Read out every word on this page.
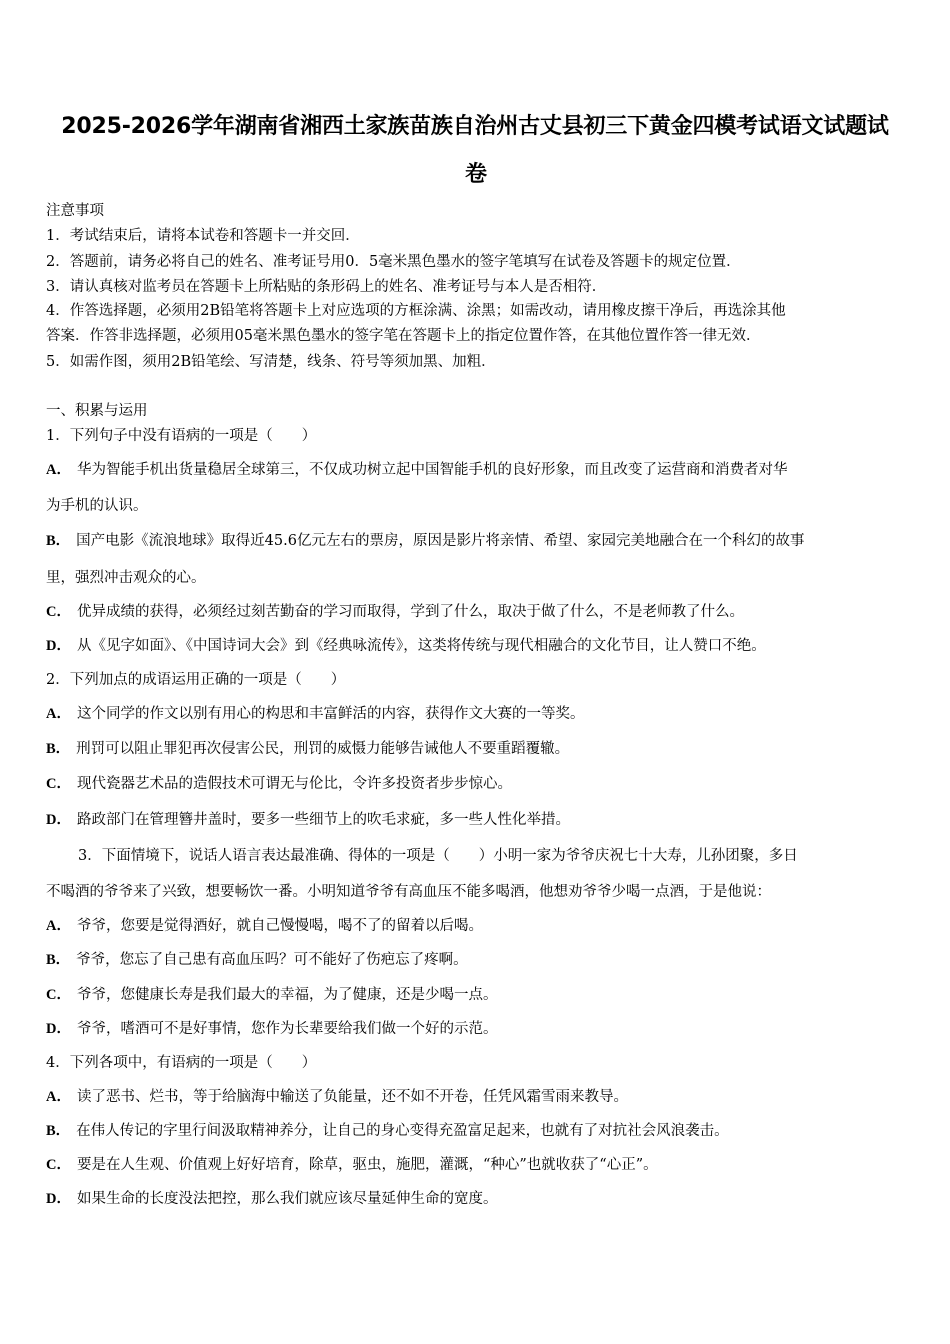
2025-2026学年湖南省湘西土家族苗族自治州古丈县初三下黄金四模考试语文试题试
卷
注意事项
1．考试结束后，请将本试卷和答题卡一并交回．
2．答题前，请务必将自己的姓名、准考证号用0．5毫米黑色墨水的签字笔填写在试卷及答题卡的规定位置．
3．请认真核对监考员在答题卡上所粘贴的条形码上的姓名、准考证号与本人是否相符．
4．作答选择题，必须用2B铅笔将答题卡上对应选项的方框涂满、涂黑；如需改动，请用橡皮擦干净后，再选涂其他
答案．作答非选择题，必须用05毫米黑色墨水的签字笔在答题卡上的指定位置作答，在其他位置作答一律无效．
5．如需作图，须用2B铅笔绘、写清楚，线条、符号等须加黑、加粗．
一、积累与运用
1．下列句子中没有语病的一项是（　　）
A． 华为智能手机出货量稳居全球第三，不仅成功树立起中国智能手机的良好形象，而且改变了运营商和消费者对华
为手机的认识。
B． 国产电影《流浪地球》取得近45.6亿元左右的票房，原因是影片将亲情、希望、家园完美地融合在一个科幻的故事
里，强烈冲击观众的心。
C． 优异成绩的获得，必须经过刻苦勤奋的学习而取得，学到了什么，取决于做了什么，不是老师教了什么。
D． 从《见字如面》、《中国诗词大会》到《经典咏流传》，这类将传统与现代相融合的文化节目，让人赞口不绝。
2．下列加点的成语运用正确的一项是（　　）
A． 这个同学的作文以别有用心的构思和丰富鲜活的内容，获得作文大赛的一等奖。
B． 刑罚可以阻止罪犯再次侵害公民，刑罚的威慑力能够告诫他人不要重蹈覆辙。
C． 现代瓷器艺术品的造假技术可谓无与伦比，令许多投资者步步惊心。
D． 路政部门在管理簪井盖时，要多一些细节上的吹毛求疵，多一些人性化举措。
3．下面情境下，说话人语言表达最准确、得体的一项是（　　）小明一家为爷爷庆祝七十大寿，儿孙团聚，多日
不喝酒的爷爷来了兴致，想要畅饮一番。小明知道爷爷有高血压不能多喝酒，他想劝爷爷少喝一点酒，于是他说：
A． 爷爷，您要是觉得酒好，就自己慢慢喝，喝不了的留着以后喝。
B． 爷爷，您忘了自己患有高血压吗？可不能好了伤疤忘了疼啊。
C． 爷爷，您健康长寿是我们最大的幸福，为了健康，还是少喝一点。
D． 爷爷，嗜酒可不是好事情，您作为长辈要给我们做一个好的示范。
4．下列各项中，有语病的一项是（　　）
A． 读了恶书、烂书，等于给脑海中输送了负能量，还不如不开卷，任凭风霜雪雨来教导。
B． 在伟人传记的字里行间汲取精神养分，让自己的身心变得充盈富足起来，也就有了对抗社会风浪袭击。
C． 要是在人生观、价值观上好好培育，除草，驱虫，施肥，灌溉，“种心”也就收获了“心正”。
D． 如果生命的长度没法把控，那么我们就应该尽量延伸生命的宽度。
